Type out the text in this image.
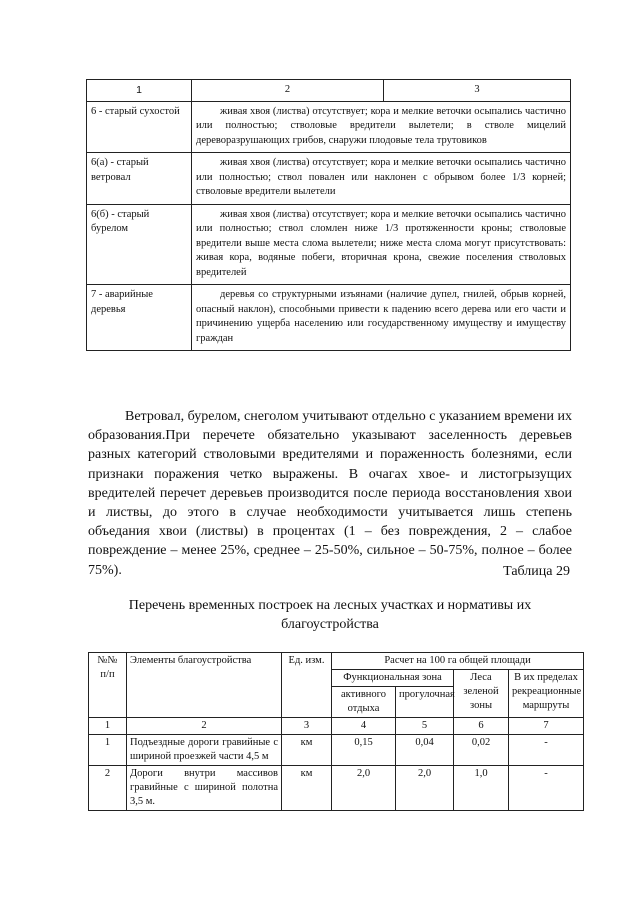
1	2	3
6 - старый сухостой	живая хвоя (листва) отсутствует; кора и мелкие веточки осыпались частично или полностью; стволовые вредители вылетели; в стволе мицелий дереворазрушающих грибов, снаружи плодовые тела трутовиков	
6(а) - старый ветровал	живая хвоя (листва) отсутствует; кора и мелкие веточки осыпались частично или полностью; ствол повален или наклонен с обрывом более 1/3 корней; стволовые вредители вылетели	
6(б) - старый бурелом	живая хвоя (листва) отсутствует; кора и мелкие веточки осыпались частично или полностью; ствол сломлен ниже 1/3 протяженности кроны; стволовые вредители выше места слома вылетели; ниже места слома могут присутствовать: живая кора, водяные побеги, вторичная крона, свежие поселения стволовых вредителей	
7 - аварийные деревья	деревья со структурными изъянами (наличие дупел, гнилей, обрыв корней, опасный наклон), способными привести к падению всего дерева или его части и причинению ущерба населению или государственному имуществу и имуществу граждан	

Ветровал, бурелом, снеголом учитывают отдельно с указанием времени их образования.При перечете обязательно указывают заселенность деревьев разных категорий стволовыми вредителями и пораженность болезнями, если признаки поражения четко выражены. В очагах хвое- и листогрызущих вредителей перечет деревьев производится после периода восстановления хвои и листвы, до этого в случае необходимости учитывается лишь степень объедания хвои (листвы) в процентах (1 – без повреждения, 2 – слабое повреждение – менее 25%, среднее – 25-50%, сильное – 50-75%, полное – более 75%).	Таблица 29

Перечень временных построек на лесных участках и нормативы их благоустройства
№№ п/п	Элементы благоустройства	Ед. изм.	Расчет на 100 га общей площади			
			Функциональная зона		Леса зеленой зоны	В их пределах рекреационные маршруты
			активного отдыха	прогулочная		
1	2	3	4	5	6	7
1	Подъездные дороги гравийные с шириной проезжей части 4,5 м	км	0,15	0,04	0,02	-
2	Дороги внутри массивов гравийные с шириной полотна 3,5 м.	км	2,0	2,0	1,0	-
